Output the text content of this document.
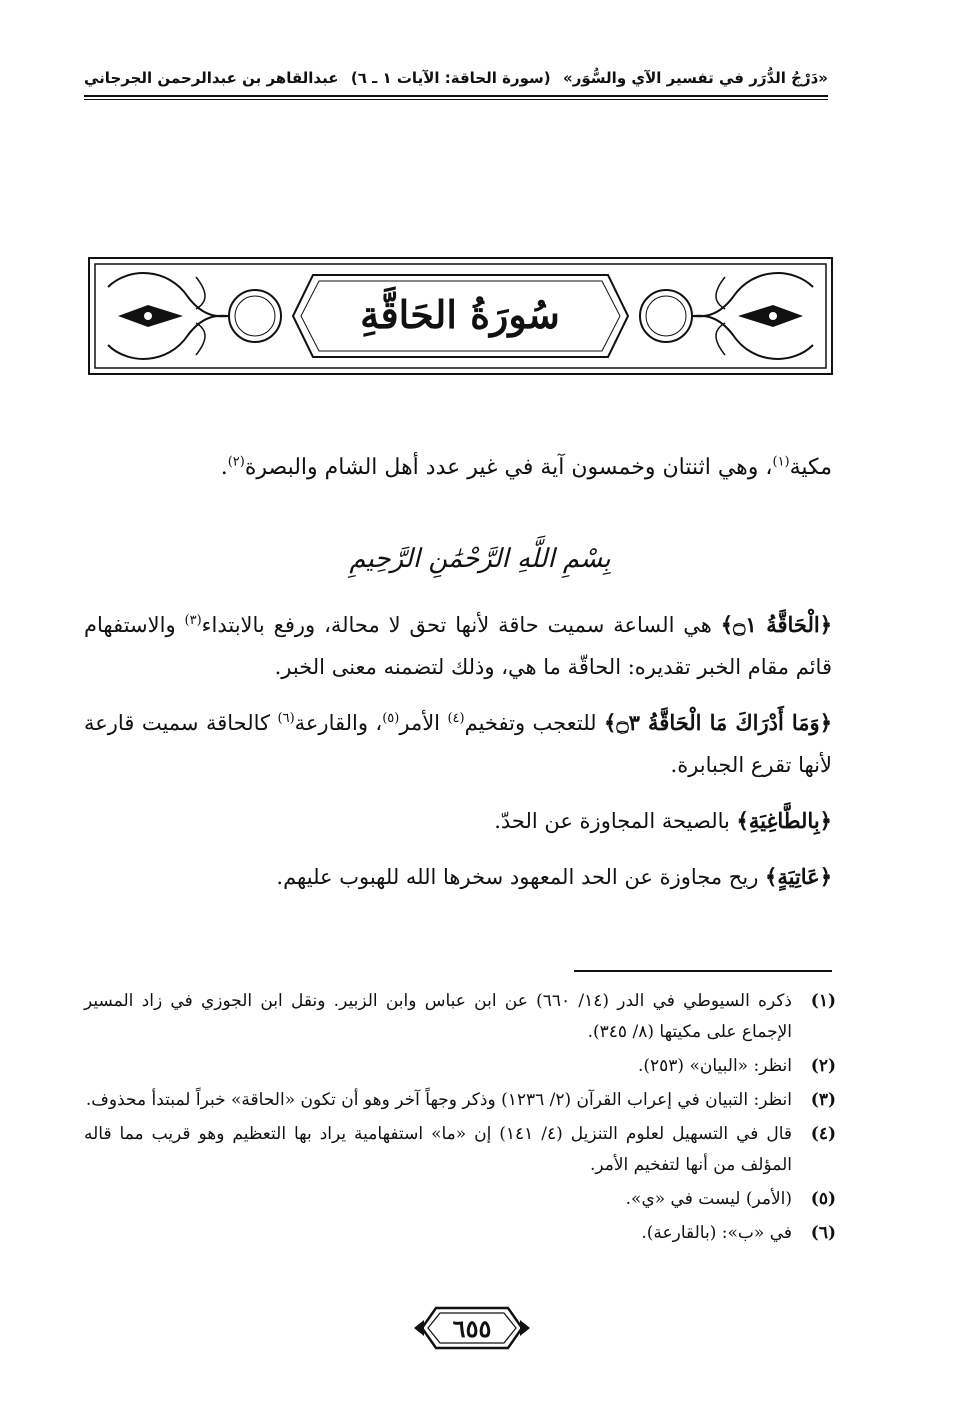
«دَرْجُ الدُّرَر في تفسير الآي والسُّوَر»
(سورة الحاقة: الآيات ١ ـ ٦)
عبدالقاهر بن عبدالرحمن الجرجاني
سُورَةُ الحَاقَّةِ
مكية$^{(١)}$، وهي اثنتان وخمسون آية في غير عدد أهل الشام والبصرة$^{(٢)}$.
بِسْمِ اللَّهِ الرَّحْمَٰنِ الرَّحِيمِ

﴿الْحَاقَّةُ ۝١﴾ هي الساعة سميت حاقة لأنها تحق لا محالة، ورفع بالابتداء$^{(٣)}$ والاستفهام قائم مقام الخبر تقديره: الحاقّة ما هي، وذلك لتضمنه معنى الخبر.

﴿وَمَا أَدْرَاكَ مَا الْحَاقَّةُ ۝٣﴾ للتعجب وتفخيم$^{(٤)}$ الأمر$^{(٥)}$، والقارعة$^{(٦)}$ كالحاقة سميت قارعة لأنها تقرع الجبابرة.

﴿بِالطَّاغِيَةِ﴾ بالصيحة المجاوزة عن الحدّ.

﴿عَاتِيَةٍ﴾ ريح مجاوزة عن الحد المعهود سخرها الله للهبوب عليهم.

(١)
ذكره السيوطي في الدر (١٤/ ٦٦٠) عن ابن عباس وابن الزبير. ونقل ابن الجوزي في زاد المسير الإجماع على مكيتها (٨/ ٣٤٥).
(٢)
انظر: «البيان» (٢٥٣).
(٣)
انظر: التبيان في إعراب القرآن (٢/ ١٢٣٦) وذكر وجهاً آخر وهو أن تكون «الحاقة» خبراً لمبتدأ محذوف.
(٤)
قال في التسهيل لعلوم التنزيل (٤/ ١٤١) إن «ما» استفهامية يراد بها التعظيم وهو قريب مما قاله المؤلف من أنها لتفخيم الأمر.
(٥)
(الأمر) ليست في «ي».
(٦)
في «ب»: (بالقارعة).
٦٥٥
